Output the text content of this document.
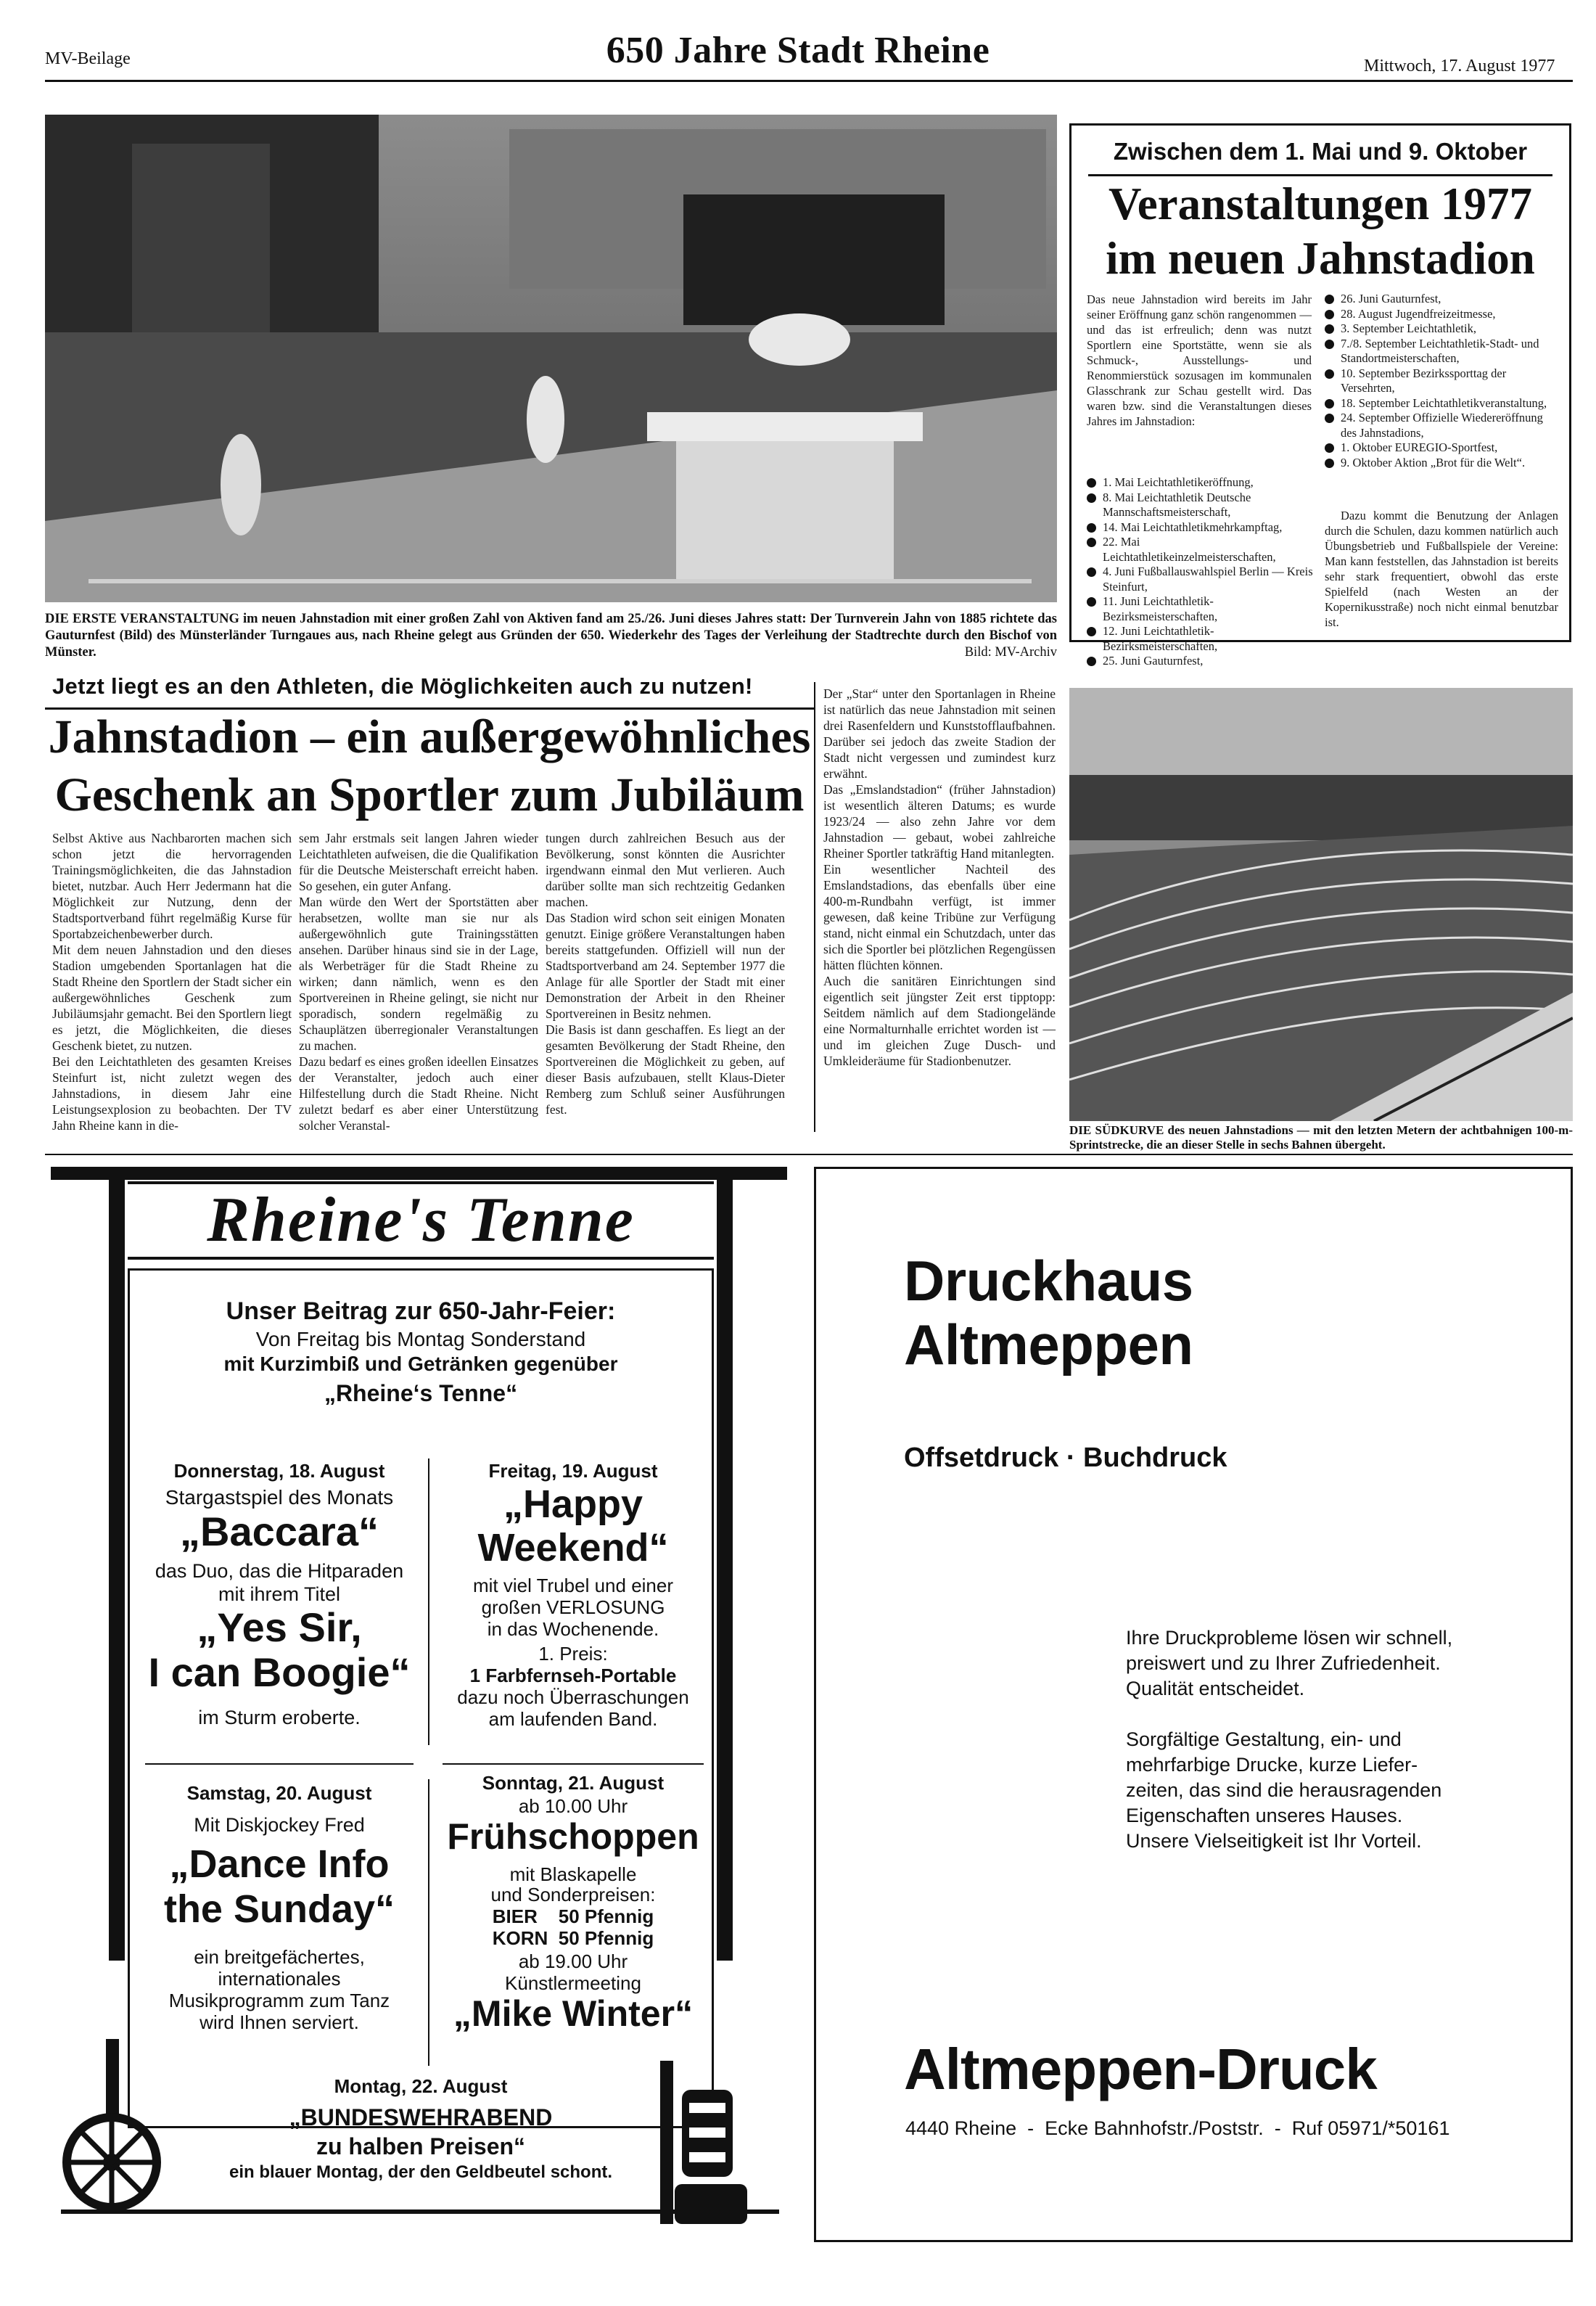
MV-Beilage	650 Jahre Stadt Rheine	Mittwoch, 17. August 1977
DIE ERSTE VERANSTALTUNG im neuen Jahnstadion mit einer großen Zahl von Aktiven fand am 25./26. Juni dieses Jahres statt: Der Turnverein Jahn von 1885 richtete das Gauturnfest (Bild) des Münsterländer Turngaues aus, nach Rheine gelegt aus Gründen der 650. Wiederkehr des Tages der Verleihung der Stadtrechte durch den Bischof von Münster.	Bild: MV-Archiv
Zwischen dem 1. Mai und 9. Oktober
Veranstaltungen 1977
im neuen Jahnstadion
Das neue Jahnstadion wird bereits im Jahr seiner Eröffnung ganz schön rangenommen — und das ist erfreulich; denn was nutzt Sportlern eine Sportstätte, wenn sie als Schmuck-, Ausstellungs- und Renommierstück sozusagen im kommunalen Glasschrank zur Schau gestellt wird. Das waren bzw. sind die Veranstaltungen dieses Jahres im Jahnstadion:
1. Mai Leichtathletikeröffnung,
8. Mai Leichtathletik Deutsche Mannschaftsmeisterschaft,
14. Mai Leichtathletikmehrkampftag,
22. Mai Leichtathletikeinzelmeisterschaften,
4. Juni Fußballauswahlspiel Berlin — Kreis Steinfurt,
11. Juni Leichtathletik-Bezirksmeisterschaften,
12. Juni Leichtathletik-Bezirksmeisterschaften,
25. Juni Gauturnfest,
26. Juni Gauturnfest,
28. August Jugendfreizeitmesse,
3. September Leichtathletik,
7./8. September Leichtathletik-Stadt- und Standortmeisterschaften,
10. September Bezirkssporttag der Versehrten,
18. September Leichtathletikveranstaltung,
24. September Offizielle Wiedereröffnung des Jahnstadions,
1. Oktober EUREGIO-Sportfest,
9. Oktober Aktion „Brot für die Welt“.
Dazu kommt die Benutzung der Anlagen durch die Schulen, dazu kommen natürlich auch Übungsbetrieb und Fußballspiele der Vereine: Man kann feststellen, das Jahnstadion ist bereits sehr stark frequentiert, obwohl das erste Spielfeld (nach Westen an der Kopernikusstraße) noch nicht einmal benutzbar ist.
Jetzt liegt es an den Athleten, die Möglichkeiten auch zu nutzen!
Jahnstadion – ein außergewöhnliches
Geschenk an Sportler zum Jubiläum
Selbst Aktive aus Nachbarorten machen sich schon jetzt die hervorragenden Trainingsmöglichkeiten, die das Jahnstadion bietet, nutzbar. Auch Herr Jedermann hat die Möglichkeit zur Nutzung, denn der Stadtsportverband führt regelmäßig Kurse für Sportabzeichenbewerber durch.
Mit dem neuen Jahnstadion und den dieses Stadion umgebenden Sportanlagen hat die Stadt Rheine den Sportlern der Stadt sicher ein außergewöhnliches Geschenk zum Jubiläumsjahr gemacht. Bei den Sportlern liegt es jetzt, die Möglichkeiten, die dieses Geschenk bietet, zu nutzen.
Bei den Leichtathleten des gesamten Kreises Steinfurt ist, nicht zuletzt wegen des Jahnstadions, in diesem Jahr eine Leistungsexplosion zu beobachten. Der TV Jahn Rheine kann in die-
sem Jahr erstmals seit langen Jahren wieder Leichtathleten aufweisen, die die Qualifikation für die Deutsche Meisterschaft erreicht haben. So gesehen, ein guter Anfang.
Man würde den Wert der Sportstätten aber herabsetzen, wollte man sie nur als außergewöhnlich gute Trainingsstätten ansehen. Darüber hinaus sind sie in der Lage, als Werbeträger für die Stadt Rheine zu wirken; dann nämlich, wenn es den Sportvereinen in Rheine gelingt, sie nicht nur sporadisch, sondern regelmäßig zu Schauplätzen überregionaler Veranstaltungen zu machen.
Dazu bedarf es eines großen ideellen Einsatzes der Veranstalter, jedoch auch einer Hilfestellung durch die Stadt Rheine. Nicht zuletzt bedarf es aber einer Unterstützung solcher Veranstal-
tungen durch zahlreichen Besuch aus der Bevölkerung, sonst könnten die Ausrichter irgendwann einmal den Mut verlieren. Auch darüber sollte man sich rechtzeitig Gedanken machen.
Das Stadion wird schon seit einigen Monaten genutzt. Einige größere Veranstaltungen haben bereits stattgefunden. Offiziell will nun der Stadtsportverband am 24. September 1977 die Anlage für alle Sportler der Stadt mit einer Demonstration der Arbeit in den Rheiner Sportvereinen in Besitz nehmen.
Die Basis ist dann geschaffen. Es liegt an der gesamten Bevölkerung der Stadt Rheine, den Sportvereinen die Möglichkeit zu geben, auf dieser Basis aufzubauen, stellt Klaus-Dieter Remberg zum Schluß seiner Ausführungen fest.
Der „Star“ unter den Sportanlagen in Rheine ist natürlich das neue Jahnstadion mit seinen drei Rasenfeldern und Kunststofflaufbahnen. Darüber sei jedoch das zweite Stadion der Stadt nicht vergessen und zumindest kurz erwähnt.
Das „Emslandstadion“ (früher Jahnstadion) ist wesentlich älteren Datums; es wurde 1923/24 — also zehn Jahre vor dem Jahnstadion — gebaut, wobei zahlreiche Rheiner Sportler tatkräftig Hand mitanlegten.
Ein wesentlicher Nachteil des Emslandstadions, das ebenfalls über eine 400-m-Rundbahn verfügt, ist immer gewesen, daß keine Tribüne zur Verfügung stand, nicht einmal ein Schutzdach, unter das sich die Sportler bei plötzlichen Regengüssen hätten flüchten können.
Auch die sanitären Einrichtungen sind eigentlich seit jüngster Zeit erst tipptopp: Seitdem nämlich auf dem Stadiongelände eine Normalturnhalle errichtet worden ist — und im gleichen Zuge Dusch- und Umkleideräume für Stadionbenutzer.
DIE SÜDKURVE des neuen Jahnstadions — mit den letzten Metern der achtbahnigen 100-m-Sprintstrecke, die an dieser Stelle in sechs Bahnen übergeht.
Rheine's Tenne
Unser Beitrag zur 650-Jahr-Feier:
Von Freitag bis Montag Sonderstand
mit Kurzimbiß und Getränken gegenüber
„Rheine‘s Tenne“
Donnerstag, 18. August
Stargastspiel des Monats
„Baccara“
das Duo, das die Hitparaden
mit ihrem Titel
„Yes Sir,
I can Boogie“
im Sturm eroberte.
Freitag, 19. August
„Happy
Weekend“
mit viel Trubel und einer
großen VERLOSUNG
in das Wochenende.
1. Preis:
1 Farbfernseh-Portable
dazu noch Überraschungen
am laufenden Band.
Samstag, 20. August
Mit Diskjockey Fred
„Dance Info
the Sunday“
ein breitgefächertes,
internationales
Musikprogramm zum Tanz
wird Ihnen serviert.
Sonntag, 21. August
ab 10.00 Uhr
Frühschoppen
mit Blaskapelle
und Sonderpreisen:
BIER    50 Pfennig
KORN  50 Pfennig
ab 19.00 Uhr
Künstlermeeting
„Mike Winter“
Montag, 22. August
„BUNDESWEHRABEND
zu halben Preisen“
ein blauer Montag, der den Geldbeutel schont.
Druckhaus
Altmeppen
Offsetdruck · Buchdruck
Ihre Druckprobleme lösen wir schnell,
preiswert und zu Ihrer Zufriedenheit.
Qualität entscheidet.
Sorgfältige Gestaltung, ein- und
mehrfarbige Drucke, kurze Liefer-
zeiten, das sind die herausragenden
Eigenschaften unseres Hauses.
Unsere Vielseitigkeit ist Ihr Vorteil.
Altmeppen-Druck
4440 Rheine  -  Ecke Bahnhofstr./Poststr.  -  Ruf 05971/*50161
